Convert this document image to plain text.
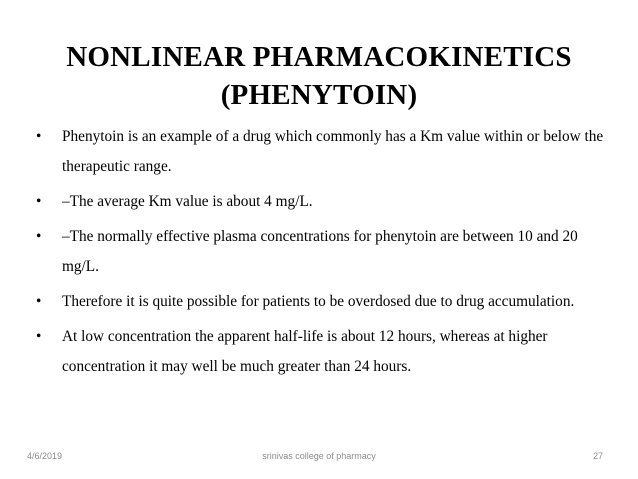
NONLINEAR PHARMACOKINETICS
(PHENYTOIN)
•	Phenytoin is an example of a drug which commonly has a Km value within or below the therapeutic range.
•	–The average Km value is about 4 mg/L.
•	–The normally effective plasma concentrations for phenytoin are between 10 and 20 mg/L.
•	Therefore it is quite possible for patients to be overdosed due to drug accumulation.
•	At low concentration the apparent half-life is about 12 hours, whereas at higher concentration it may well be much greater than 24 hours.
4/6/2019	srinivas college of pharmacy	27
